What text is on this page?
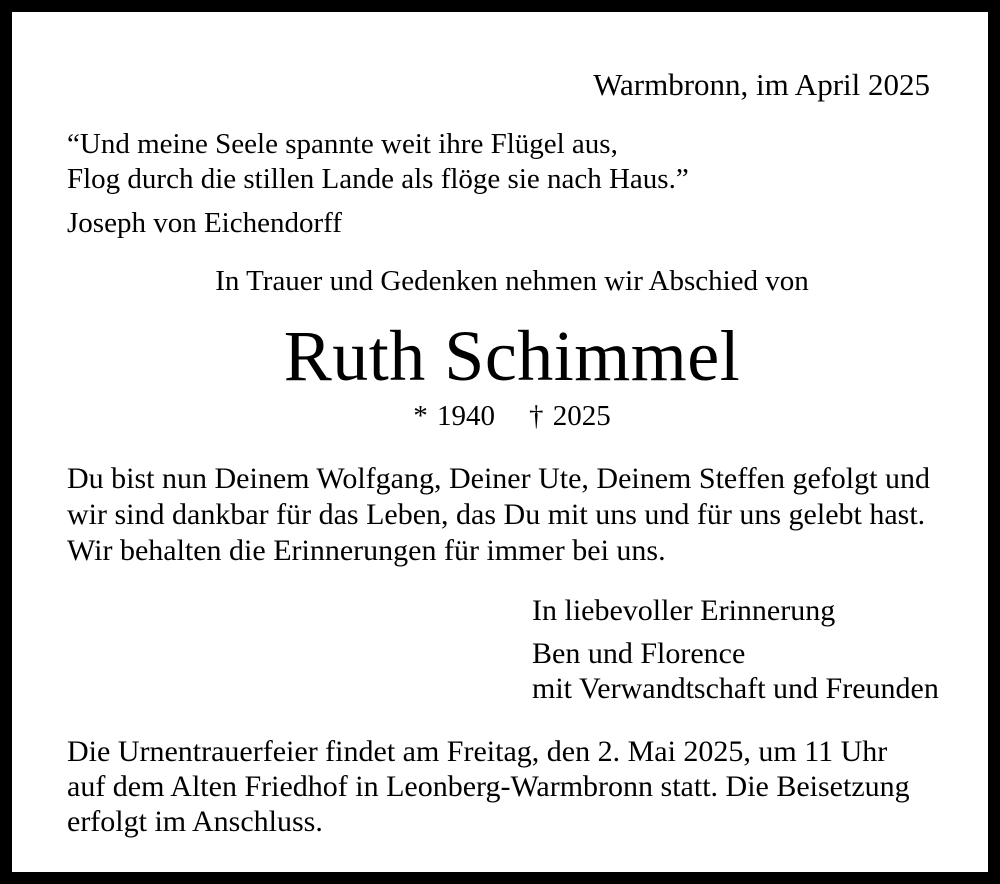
Warmbronn, im April 2025

“Und meine Seele spannte weit ihre Flügel aus,

Flog durch die stillen Lande als flöge sie nach Haus.”

Joseph von Eichendorff

In Trauer und Gedenken nehmen wir Abschied von

Ruth Schimmel

* 1940 † 2025

Du bist nun Deinem Wolfgang, Deiner Ute, Deinem Steffen gefolgt und

wir sind dankbar für das Leben, das Du mit uns und für uns gelebt hast.

Wir behalten die Erinnerungen für immer bei uns.

In liebevoller Erinnerung

Ben und Florence

mit Verwandtschaft und Freunden

Die Urnentrauerfeier findet am Freitag, den 2. Mai 2025, um 11 Uhr

auf dem Alten Friedhof in Leonberg-Warmbronn statt. Die Beisetzung

erfolgt im Anschluss.
